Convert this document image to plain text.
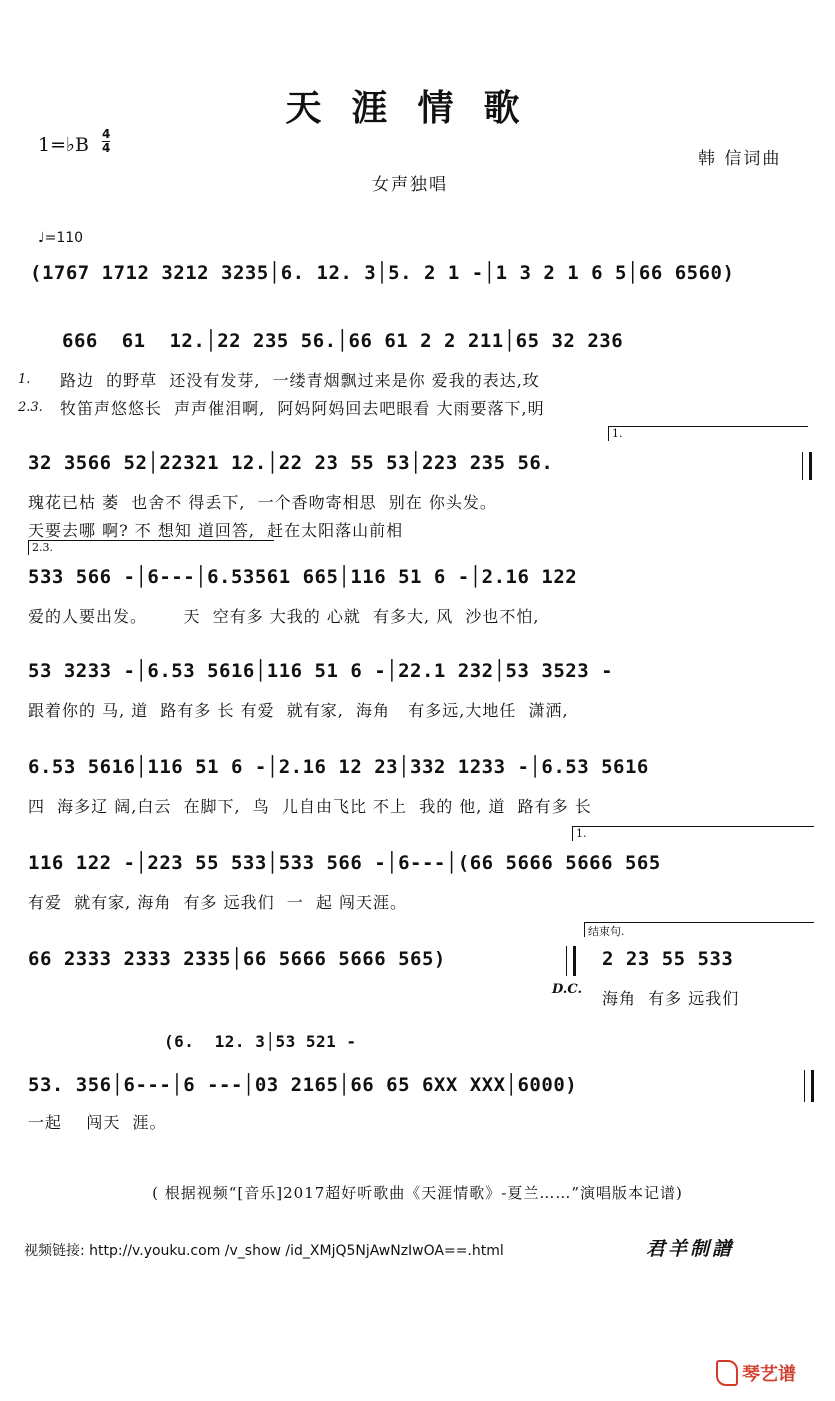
天涯情歌
1=♭B 4
4
韩 信词曲
女声独唱
♩=110
(1767 1712 3212 3235│6. 12. 3│5. 2 1 -│1 3 2 1 6 5│66 6560)
666  61  12.│22 235 56.│66 61 2 2 211│65 32 236
1. 路边  的野草  还没有发芽,  一缕青烟飘过来是你 爱我的表达,玫
2.3. 牧笛声悠悠长  声声催泪啊,  阿妈阿妈回去吧眼看 大雨要落下,明
1.
32 3566 52│22321 12.│22 23 55 53│223 235 56.
瑰花已枯 萎  也舍不 得丢下,  一个香吻寄相思  别在 你头发。
天要去哪 啊? 不 想知 道回答,  赶在太阳落山前相
2.3.
533 566 -│6---│6.53561 665│116 51 6 -│2.16 122
爱的人要出发。      天  空有多 大我的 心就  有多大, 风  沙也不怕,
53 3233 -│6.53 5616│116 51 6 -│22.1 232│53 3523 -
跟着你的 马, 道  路有多 长 有爱  就有家,  海角   有多远,大地任  潇洒,
6.53 5616│116 51 6 -│2.16 12 23│332 1233 -│6.53 5616
四  海多辽 阔,白云  在脚下,  鸟  儿自由飞比 不上  我的 他, 道  路有多 长
1.
116 122 -│223 55 533│533 566 -│6---│(66 5666 5666 565
有爱  就有家, 海角  有多 远我们  一  起 闯天涯。
66 2333 2333 2335│66 5666 5666 565)
D.C.
结束句.
2 23 55 533
海角  有多 远我们
(6.  12. 3│53 521 -
53. 356│6---│6 ---│03 2165│66 65 6XX XXX│6000)
一起    闯天  涯。
( 根据视频“[音乐]2017超好听歌曲《天涯情歌》-夏兰……”演唱版本记谱)
视频链接: http://v.youku.com /v_show /id_XMjQ5NjAwNzIwOA==.html	君羊制譜
琴艺谱
